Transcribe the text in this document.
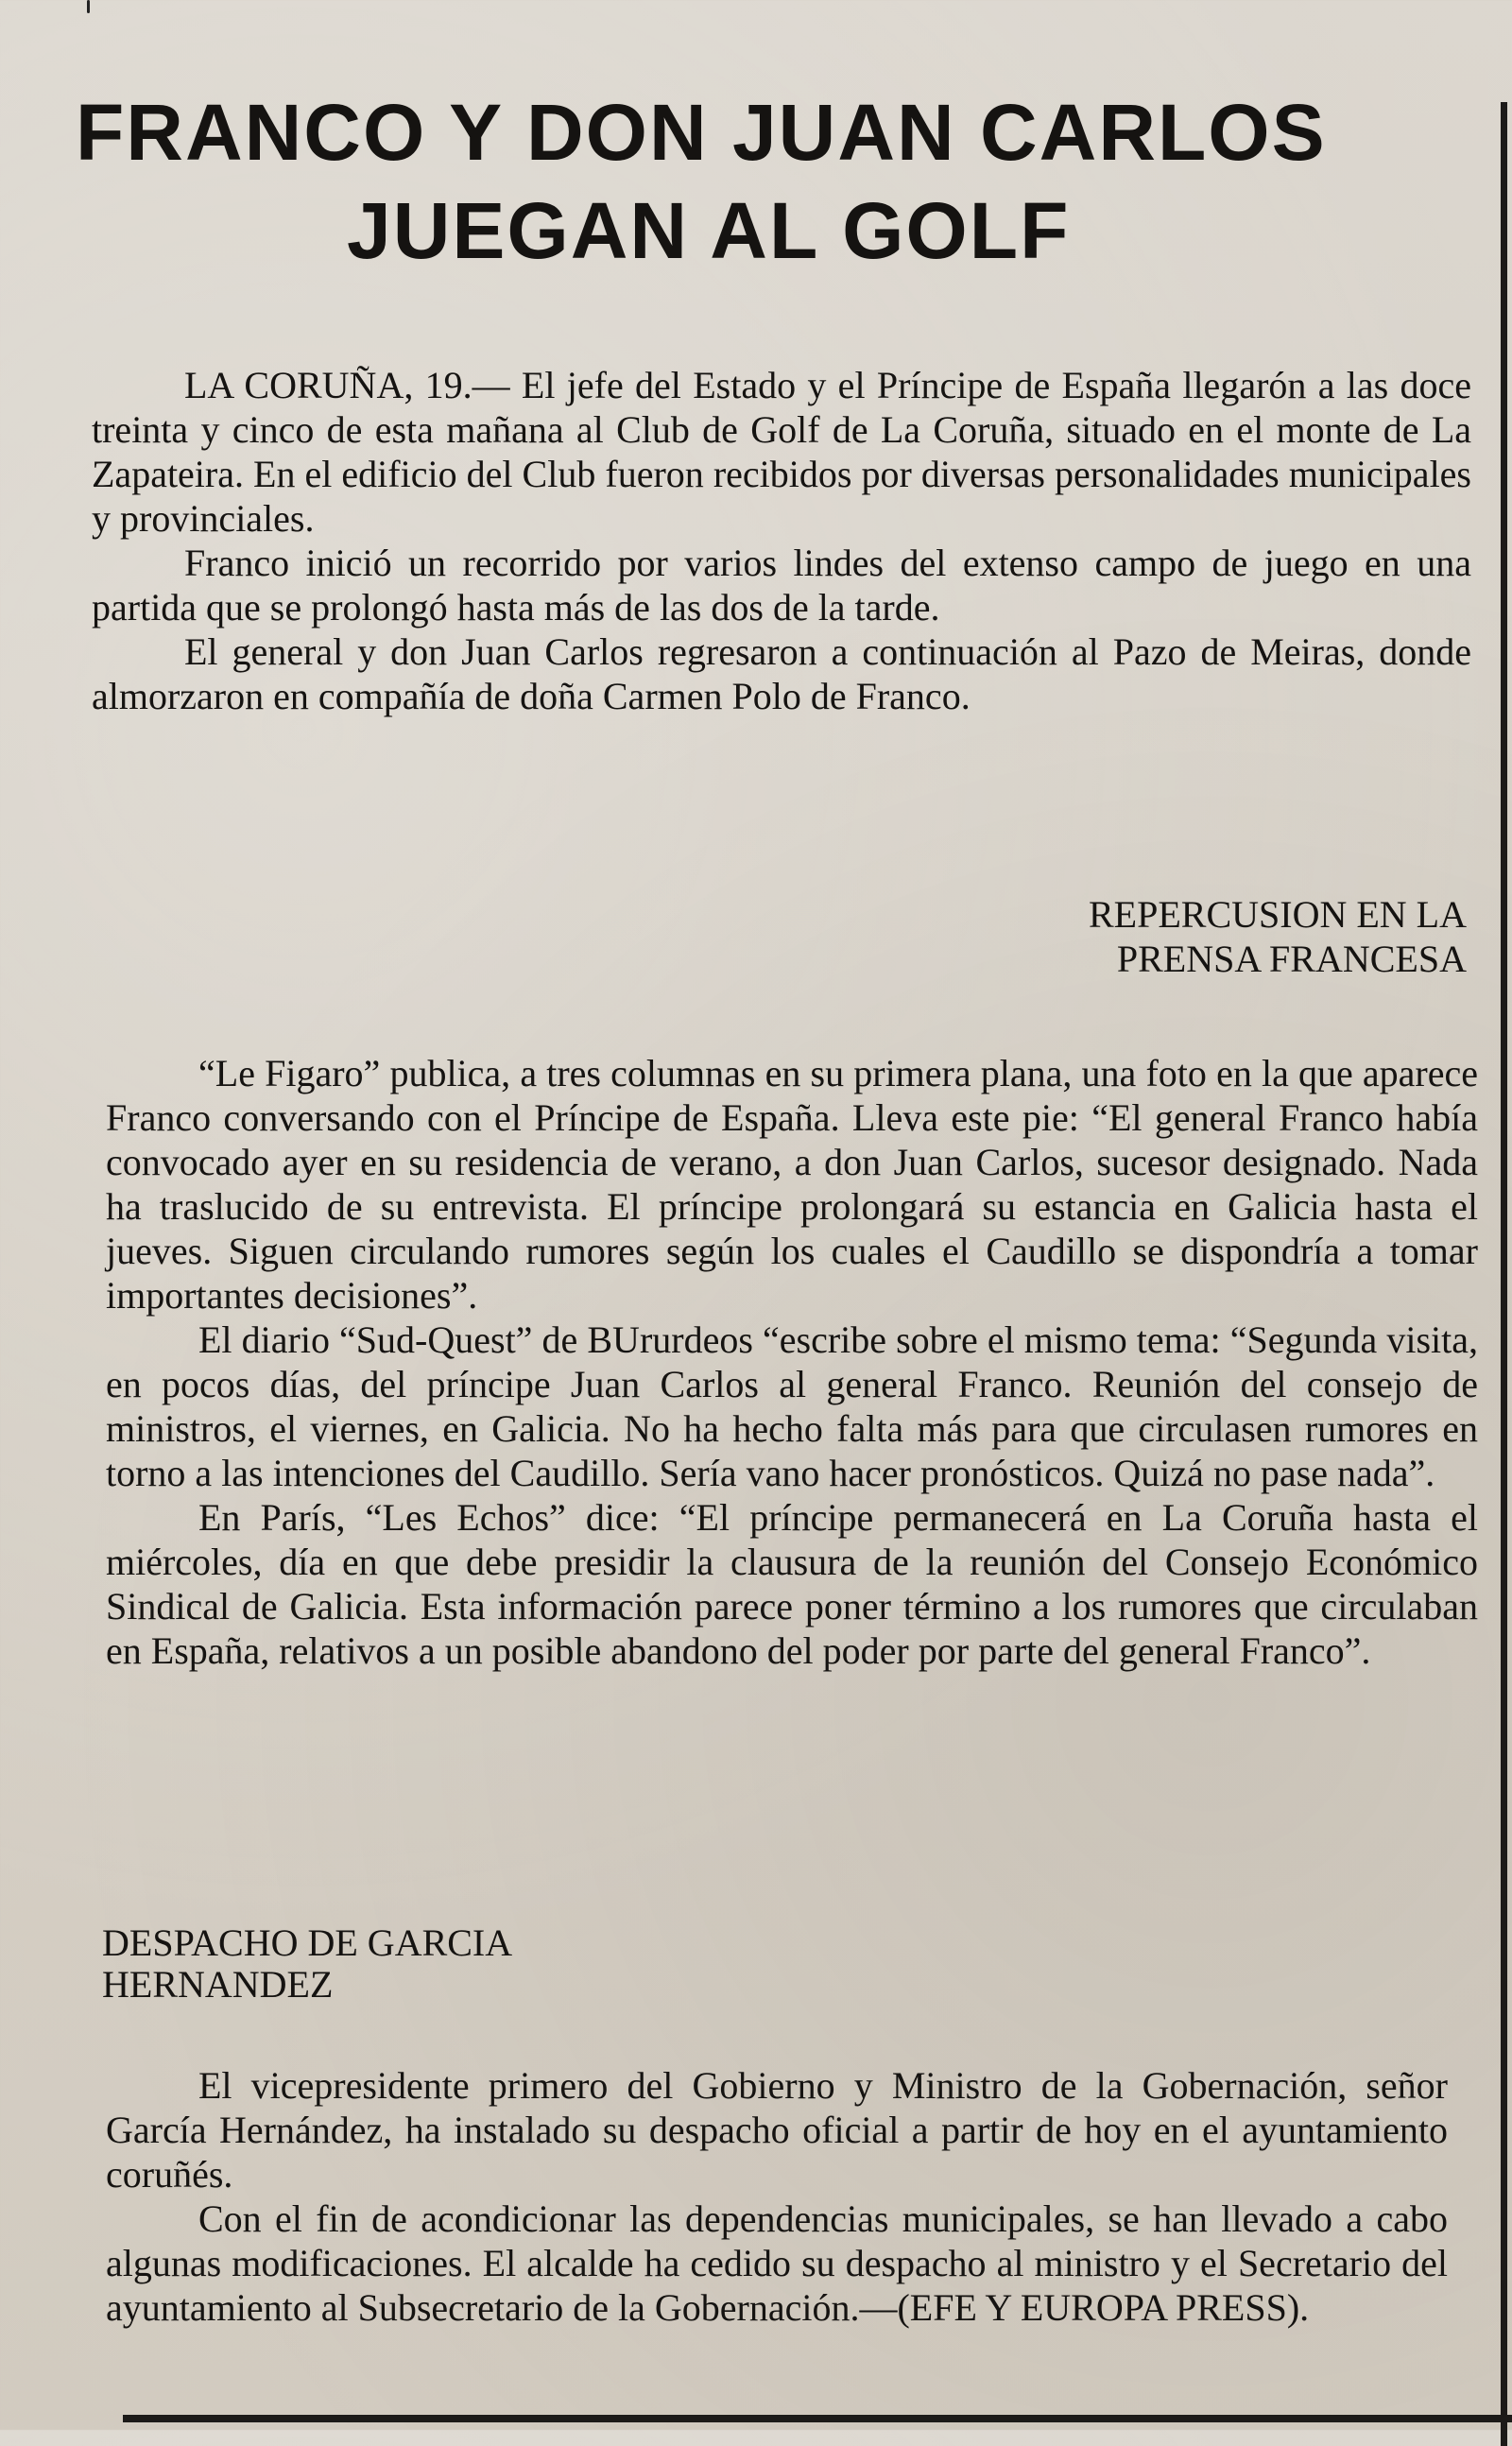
FRANCO Y DON JUAN CARLOS
JUEGAN AL GOLF

LA CORUÑA, 19.— El jefe del Estado y el Príncipe de España llegarón a las doce treinta y cinco de esta mañana al Club de Golf de La Coruña, situado en el monte de La Zapateira. En el edificio del Club fueron recibidos por diversas personalidades municipales y provinciales.

Franco inició un recorrido por varios lindes del extenso campo de juego en una partida que se prolongó hasta más de las dos de la tarde.

El general y don Juan Carlos regresaron a continuación al Pazo de Meiras, donde almorzaron en compañía de doña Carmen Polo de Franco.

REPERCUSION EN LA
PRENSA FRANCESA

“Le Figaro” publica, a tres columnas en su primera plana, una foto en la que aparece Franco conversando con el Príncipe de España. Lleva este pie: “El general Franco había convocado ayer en su residencia de verano, a don Juan Carlos, sucesor designado. Nada ha traslucido de su entrevista. El príncipe prolongará su estancia en Galicia hasta el jueves. Siguen circulando rumores según los cuales el Caudillo se dispondría a tomar importantes decisiones”.

El diario “Sud-Quest” de BUrurdeos “escribe sobre el mismo tema: “Segunda visita, en pocos días, del príncipe Juan Carlos al general Franco. Reunión del consejo de ministros, el viernes, en Galicia. No ha hecho falta más para que circulasen rumores en torno a las intenciones del Caudillo. Sería vano hacer pronósticos. Quizá no pase nada”.

En París, “Les Echos” dice: “El príncipe permanecerá en La Coruña hasta el miércoles, día en que debe presidir la clausura de la reunión del Consejo Económico Sindical de Galicia. Esta información parece poner término a los rumores que circulaban en España, relativos a un posible abandono del poder por parte del general Franco”.

DESPACHO DE GARCIA
HERNANDEZ

El vicepresidente primero del Gobierno y Ministro de la Gobernación, señor García Hernández, ha instalado su despacho oficial a partir de hoy en el ayuntamiento coruñés.

Con el fin de acondicionar las dependencias municipales, se han llevado a cabo algunas modificaciones. El alcalde ha cedido su despacho al ministro y el Secretario del ayuntamiento al Subsecretario de la Gobernación.—(EFE Y EUROPA PRESS).
